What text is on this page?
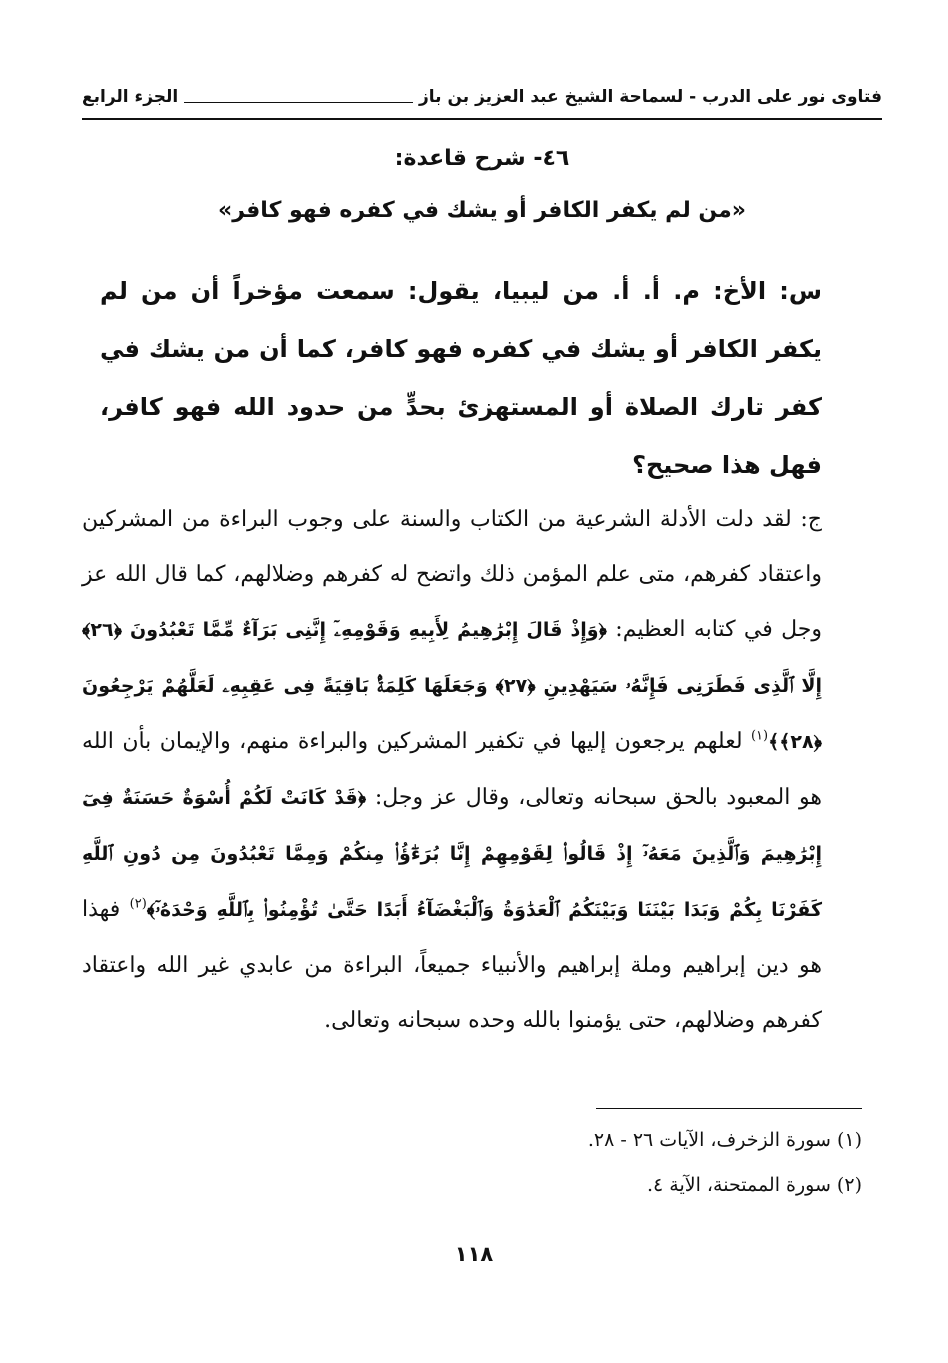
فتاوى نور على الدرب - لسماحة الشيخ عبد العزيز بن باز
الجزء الرابع
٤٦- شرح قاعدة:
«من لم يكفر الكافر أو يشك في كفره فهو كافر»
س: الأخ: م. أ. أ. من ليبيا، يقول: سمعت مؤخراً أن من لم يكفر الكافر أو يشك في كفره فهو كافر، كما أن من يشك في كفر تارك الصلاة أو المستهزئ بحدٍّ من حدود الله فهو كافر، فهل هذا صحيح؟
ج: لقد دلت الأدلة الشرعية من الكتاب والسنة على وجوب البراءة من المشركين واعتقاد كفرهم، متى علم المؤمن ذلك واتضح له كفرهم وضلالهم، كما قال الله عز وجل في كتابه العظيم: ﴿وَإِذْ قَالَ إِبْرَٰهِيمُ لِأَبِيهِ وَقَوْمِهِۦٓ إِنَّنِى بَرَآءٌ مِّمَّا تَعْبُدُونَ ﴿٢٦﴾ إِلَّا ٱلَّذِى فَطَرَنِى فَإِنَّهُۥ سَيَهْدِينِ ﴿٢٧﴾ وَجَعَلَهَا كَلِمَةًۢ بَاقِيَةً فِى عَقِبِهِۦ لَعَلَّهُمْ يَرْجِعُونَ ﴿٢٨﴾﴾$^{(١)}$ لعلهم يرجعون إليها في تكفير المشركين والبراءة منهم، والإيمان بأن الله هو المعبود بالحق سبحانه وتعالى، وقال عز وجل: ﴿قَدْ كَانَتْ لَكُمْ أُسْوَةٌ حَسَنَةٌ فِىٓ إِبْرَٰهِيمَ وَٱلَّذِينَ مَعَهُۥٓ إِذْ قَالُوا۟ لِقَوْمِهِمْ إِنَّا بُرَءَٰٓؤُا۟ مِنكُمْ وَمِمَّا تَعْبُدُونَ مِن دُونِ ٱللَّهِ كَفَرْنَا بِكُمْ وَبَدَا بَيْنَنَا وَبَيْنَكُمُ ٱلْعَدَٰوَةُ وَٱلْبَغْضَآءُ أَبَدًا حَتَّىٰ تُؤْمِنُوا۟ بِٱللَّهِ وَحْدَهُۥٓ﴾$^{(٢)}$ فهذا هو دين إبراهيم وملة إبراهيم والأنبياء جميعاً، البراءة من عابدي غير الله واعتقاد كفرهم وضلالهم، حتى يؤمنوا بالله وحده سبحانه وتعالى.
(١) سورة الزخرف، الآيات ٢٦ - ٢٨.
(٢) سورة الممتحنة، الآية ٤.
١١٨
